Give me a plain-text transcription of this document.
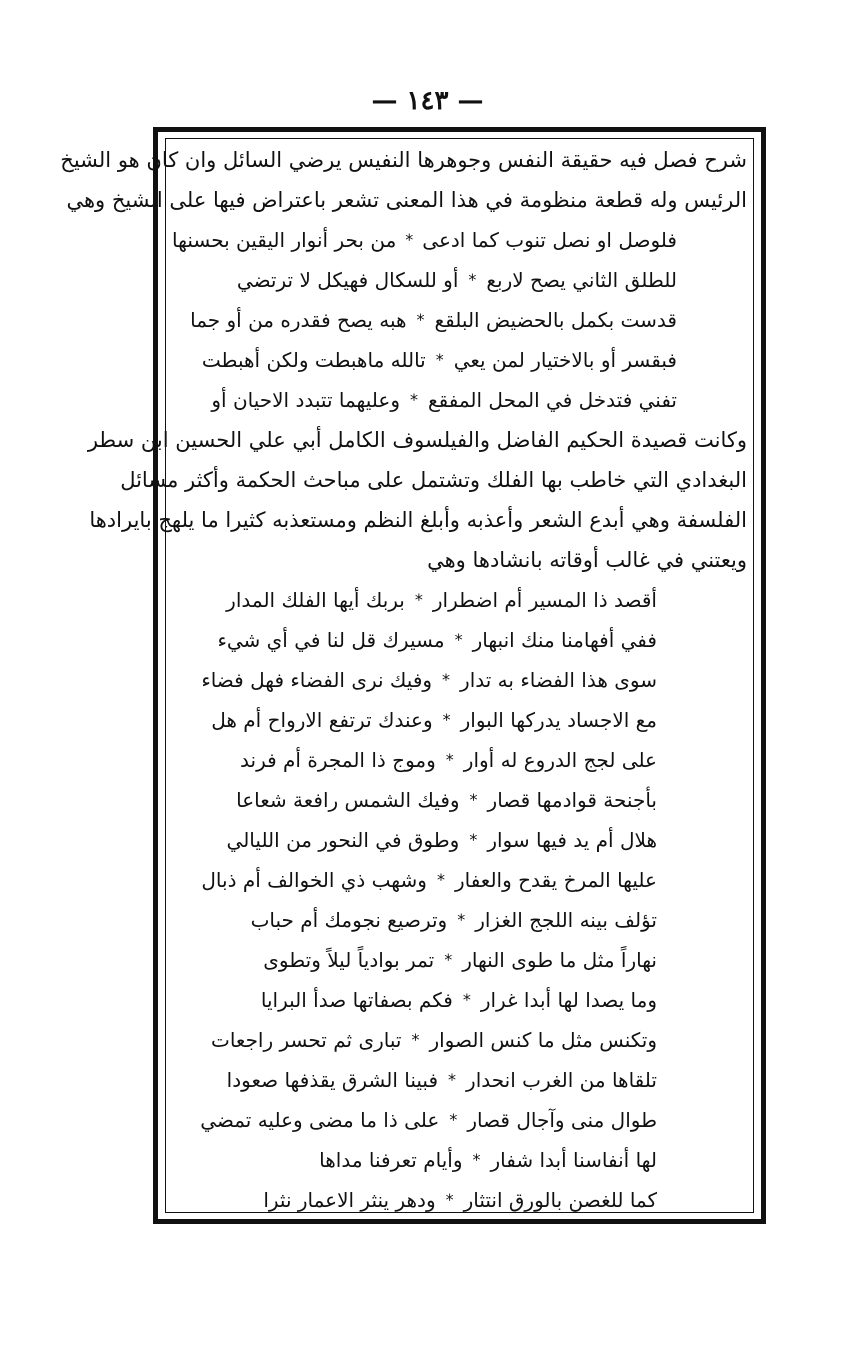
— ١٤٣ —
شرح فصل فيه حقيقة النفس وجوهرها النفيس يرضي السائل وان كان هو الشيخ
الرئيس وله قطعة منظومة في هذا المعنى تشعر باعتراض فيها على الشيخ وهي
فلوصل او نصل تنوب كما ادعى
*
من بحر أنوار اليقين بحسنها
للطلق الثاني يصح لاربع
*
أو للسكال فهيكل لا ترتضي
قدست بكمل بالحضيض البلقع
*
هبه يصح فقدره من أو جما
فبقسر أو بالاختيار لمن يعي
*
تالله ماهبطت ولكن أهبطت
تفني فتدخل في المحل المفقع
*
وعليهما تتبدد الاحيان أو
وكانت قصيدة الحكيم الفاضل والفيلسوف الكامل أبي علي الحسين ابن سطر
البغدادي التي خاطب بها الفلك وتشتمل على مباحث الحكمة وأكثر مسائل
الفلسفة وهي أبدع الشعر وأعذبه وأبلغ النظم ومستعذبه كثيرا ما يلهج بايرادها
ويعتني في غالب أوقاته بانشادها وهي
أقصد ذا المسير أم اضطرار
*
بربك أيها الفلك المدار
ففي أفهامنا منك انبهار
*
مسيرك قل لنا في أي شيء
سوى هذا الفضاء به تدار
*
وفيك نرى الفضاء فهل فضاء
مع الاجساد يدركها البوار
*
وعندك ترتفع الارواح أم هل
على لجج الدروع له أوار
*
وموج ذا المجرة أم فرند
بأجنحة قوادمها قصار
*
وفيك الشمس رافعة شعاعا
هلال أم يد فيها سوار
*
وطوق في النحور من الليالي
عليها المرخ يقدح والعفار
*
وشهب ذي الخوالف أم ذبال
تؤلف بينه اللجج الغزار
*
وترصيع نجومك أم حباب
نهاراً مثل ما طوى النهار
*
تمر بوادياً ليلاً وتطوى
وما يصدا لها أبدا غرار
*
فكم بصفاتها صدأ البرايا
وتكنس مثل ما كنس الصوار
*
تبارى ثم تحسر راجعات
تلقاها من الغرب انحدار
*
فبينا الشرق يقذفها صعودا
طوال منى وآجال قصار
*
على ذا ما مضى وعليه تمضي
لها أنفاسنا أبدا شفار
*
وأيام تعرفنا مداها
كما للغصن بالورق انتثار
*
ودهر ينثر الاعمار نثرا
